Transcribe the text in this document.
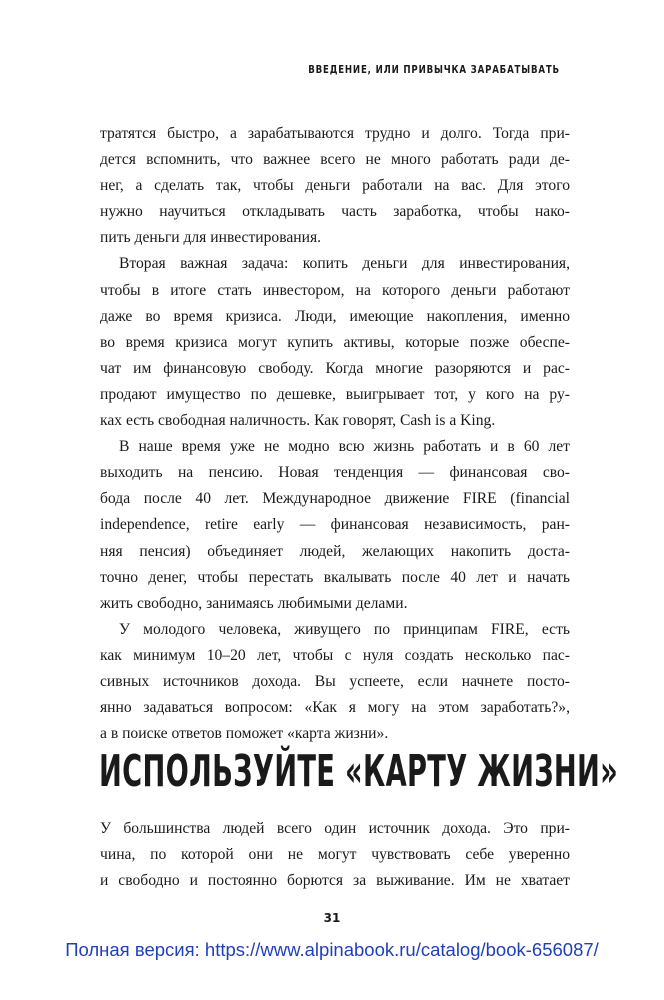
ВВЕДЕНИЕ, ИЛИ ПРИВЫЧКА ЗАРАБАТЫВАТЬ
тратятся быстро, а зарабатываются трудно и долго. Тогда при-
дется вспомнить, что важнее всего не много работать ради де-
нег, а сделать так, чтобы деньги работали на вас. Для этого
нужно научиться откладывать часть заработка, чтобы нако-
пить деньги для инвестирования.
Вторая важная задача: копить деньги для инвестирования,
чтобы в итоге стать инвестором, на которого деньги работают
даже во время кризиса. Люди, имеющие накопления, именно
во время кризиса могут купить активы, которые позже обеспе-
чат им финансовую свободу. Когда многие разоряются и рас-
продают имущество по дешевке, выигрывает тот, у кого на ру-
ках есть свободная наличность. Как говорят, Cash is a King.
В наше время уже не модно всю жизнь работать и в 60 лет
выходить на пенсию. Новая тенденция — финансовая сво-
бода после 40 лет. Международное движение FIRE (financial
independence, retire early — финансовая независимость, ран-
няя пенсия) объединяет людей, желающих накопить доста-
точно денег, чтобы перестать вкалывать после 40 лет и начать
жить свободно, занимаясь любимыми делами.
У молодого человека, живущего по принципам FIRE, есть
как минимум 10–20 лет, чтобы с нуля создать несколько пас-
сивных источников дохода. Вы успеете, если начнете посто-
янно задаваться вопросом: «Как я могу на этом заработать?»,
а в поиске ответов поможет «карта жизни».
ИСПОЛЬЗУЙТЕ «КАРТУ ЖИЗНИ»
У большинства людей всего один источник дохода. Это при-
чина, по которой они не могут чувствовать себе уверенно
и свободно и постоянно борются за выживание. Им не хватает
31
Полная версия: https://www.alpinabook.ru/catalog/book-656087/
